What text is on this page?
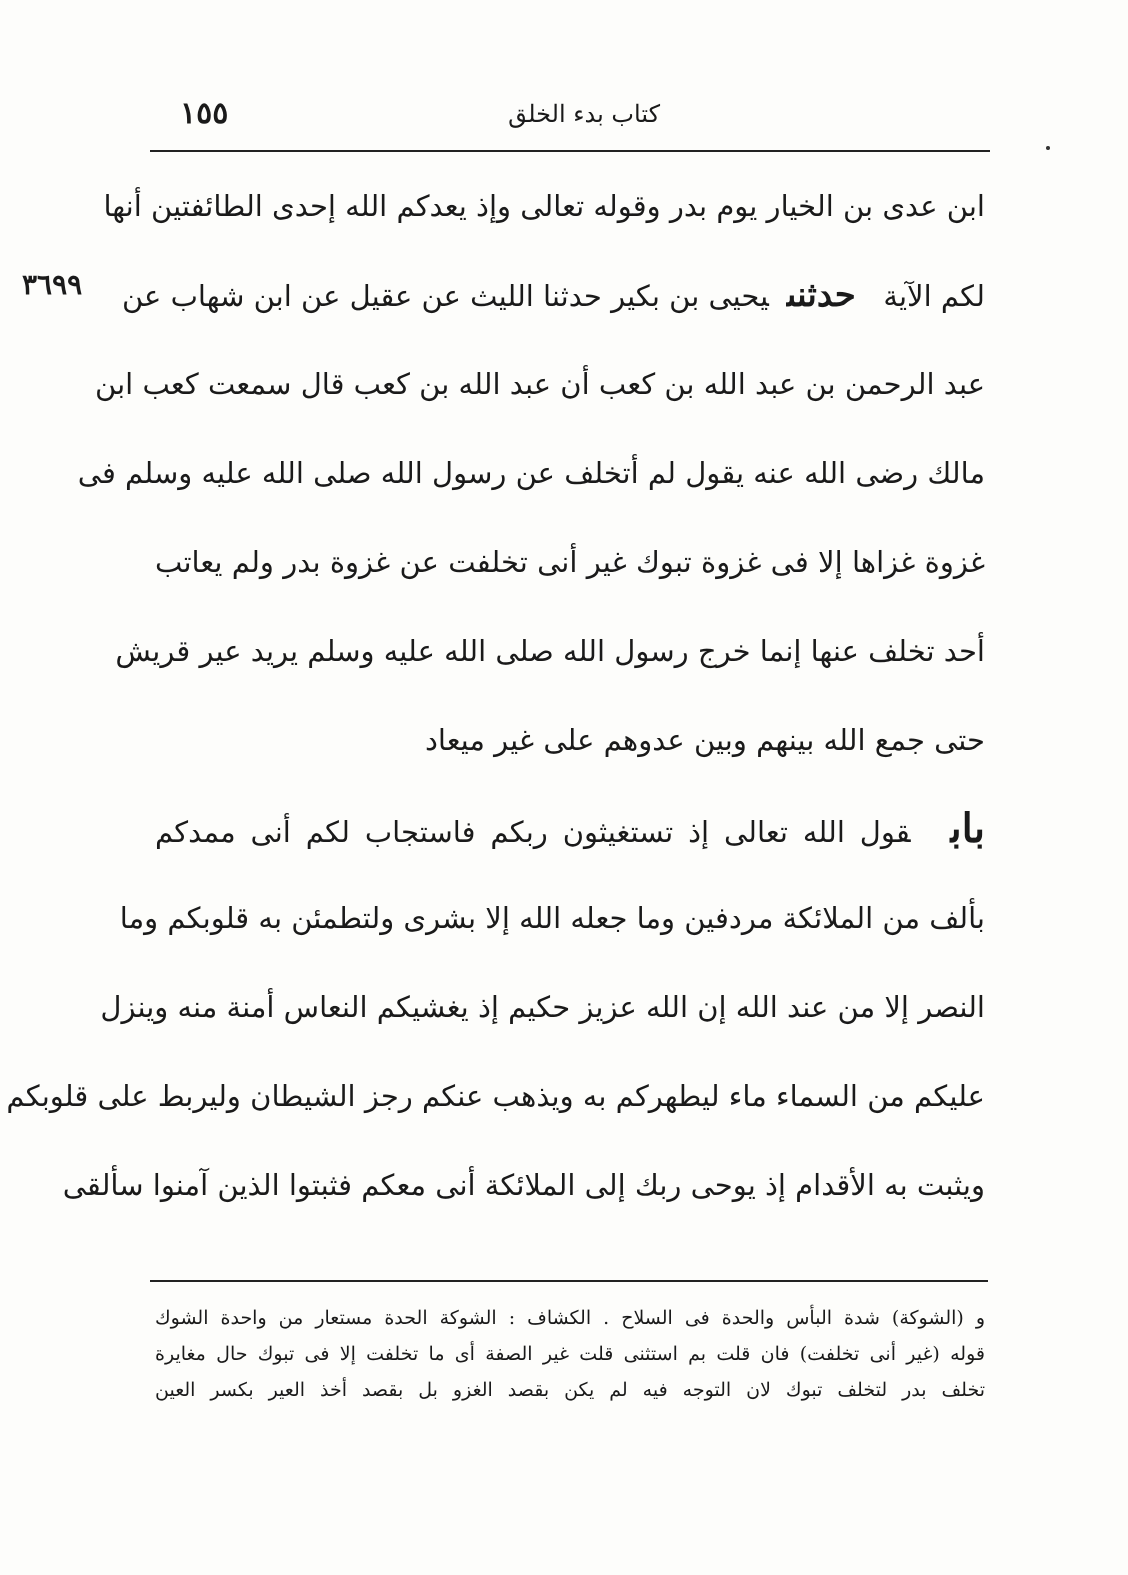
كتاب بدء الخلق
١٥٥
٣٦٩٩
ابن عدى بن الخيار يوم بدر وقوله تعالى وإذ يعدكم الله إحدى الطائفتين أنها
لكم الآية   حدثنىيحيى بن بكير حدثنا الليث عن عقيل عن ابن شهاب عن
عبد الرحمن بن عبد الله بن كعب أن عبد الله بن كعب قال سمعت كعب ابن
مالك رضى الله عنه يقول لم أتخلف عن رسول الله صلى الله عليه وسلم فى
غزوة غزاها إلا فى غزوة تبوك غير أنى تخلفت عن غزوة بدر ولم يعاتب
أحد تخلف عنها إنما خرج رسول الله صلى الله عليه وسلم يريد عير قريش
حتى جمع الله بينهم وبين عدوهم على غير ميعاد
بابقول الله تعالى إذ تستغيثون ربكم فاستجاب لكم أنى ممدكم
بألف من الملائكة مردفين وما جعله الله إلا بشرى ولتطمئن به قلوبكم وما
النصر إلا من عند الله إن الله عزيز حكيم إذ يغشيكم النعاس أمنة منه وينزل
عليكم من السماء ماء ليطهركم به ويذهب عنكم رجز الشيطان وليربط على قلوبكم
ويثبت به الأقدام إذ يوحى ربك إلى الملائكة أنى معكم فثبتوا الذين آمنوا سألقى
و (الشوكة) شدة البأس والحدة فى السلاح . الكشاف : الشوكة الحدة مستعار من واحدة الشوك
قوله (غير أنى تخلفت) فان قلت بم استثنى قلت غير الصفة أى ما تخلفت إلا فى تبوك حال مغايرة
تخلف بدر لتخلف تبوك لان التوجه فيه لم يكن بقصد الغزو بل بقصد أخذ العير بكسر العين
